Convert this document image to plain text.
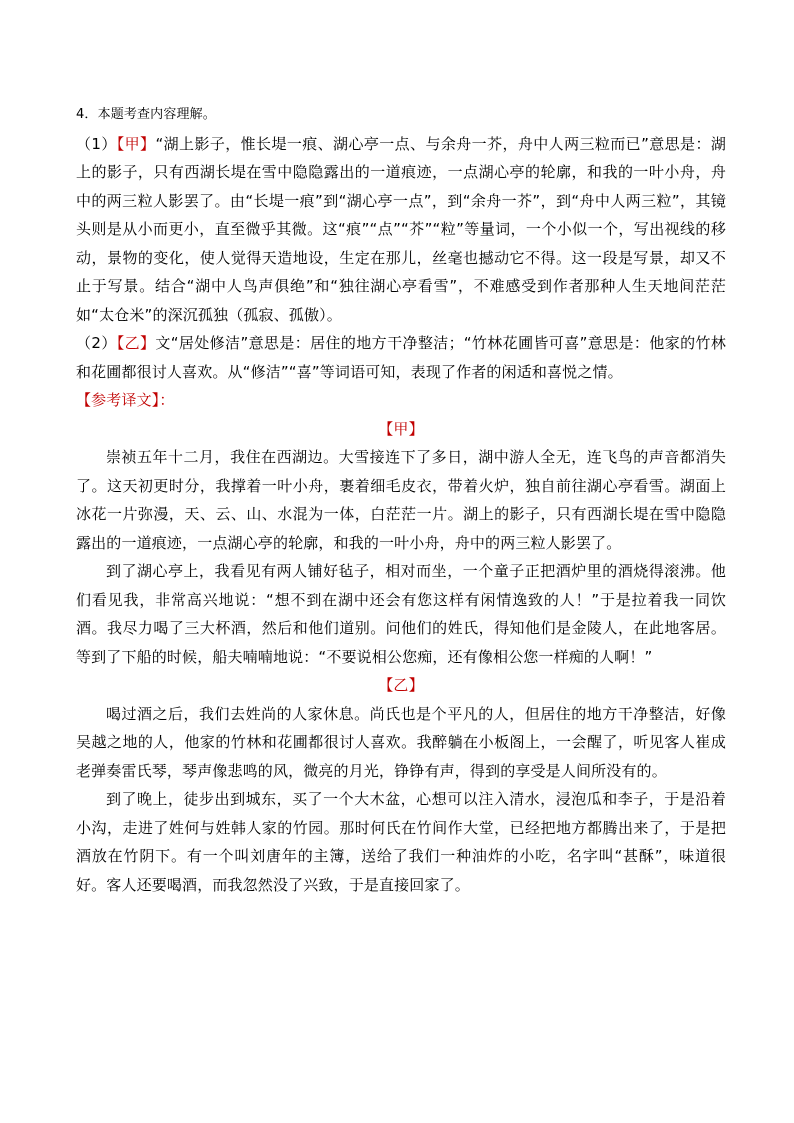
4．本题考查内容理解。

（1）【甲】“湖上影子，惟长堤一痕、湖心亭一点、与余舟一芥，舟中人两三粒而已”意思是：湖上的影子，只有西湖长堤在雪中隐隐露出的一道痕迹，一点湖心亭的轮廓，和我的一叶小舟，舟中的两三粒人影罢了。由“长堤一痕”到“湖心亭一点”，到“余舟一芥”，到“舟中人两三粒”，其镜头则是从小而更小，直至微乎其微。这“痕”“点”“芥”“粒”等量词，一个小似一个，写出视线的移动，景物的变化，使人觉得天造地设，生定在那儿，丝毫也撼动它不得。这一段是写景，却又不止于写景。结合“湖中人鸟声俱绝”和“独往湖心亭看雪”，不难感受到作者那种人生天地间茫茫如“太仓米”的深沉孤独（孤寂、孤傲）。

（2）【乙】文“居处修洁”意思是：居住的地方干净整洁；“竹林花圃皆可喜”意思是：他家的竹林和花圃都很讨人喜欢。从“修洁”“喜”等词语可知，表现了作者的闲适和喜悦之情。

【参考译文】：

【甲】

崇祯五年十二月，我住在西湖边。大雪接连下了多日，湖中游人全无，连飞鸟的声音都消失了。这天初更时分，我撑着一叶小舟，裹着细毛皮衣，带着火炉，独自前往湖心亭看雪。湖面上冰花一片弥漫，天、云、山、水混为一体，白茫茫一片。湖上的影子，只有西湖长堤在雪中隐隐露出的一道痕迹，一点湖心亭的轮廓，和我的一叶小舟，舟中的两三粒人影罢了。

到了湖心亭上，我看见有两人铺好毡子，相对而坐，一个童子正把酒炉里的酒烧得滚沸。他们看见我，非常高兴地说：“想不到在湖中还会有您这样有闲情逸致的人！”于是拉着我一同饮酒。我尽力喝了三大杯酒，然后和他们道别。问他们的姓氏，得知他们是金陵人，在此地客居。等到了下船的时候，船夫喃喃地说：“不要说相公您痴，还有像相公您一样痴的人啊！”

【乙】

喝过酒之后，我们去姓尚的人家休息。尚氏也是个平凡的人，但居住的地方干净整洁，好像吴越之地的人，他家的竹林和花圃都很讨人喜欢。我醉躺在小板阁上，一会醒了，听见客人崔成老弹奏雷氏琴，琴声像悲鸣的风，微亮的月光，铮铮有声，得到的享受是人间所没有的。

到了晚上，徒步出到城东，买了一个大木盆，心想可以注入清水，浸泡瓜和李子，于是沿着小沟，走进了姓何与姓韩人家的竹园。那时何氏在竹间作大堂，已经把地方都腾出来了，于是把酒放在竹阴下。有一个叫刘唐年的主簿，送给了我们一种油炸的小吃，名字叫“甚酥”，味道很好。客人还要喝酒，而我忽然没了兴致，于是直接回家了。
